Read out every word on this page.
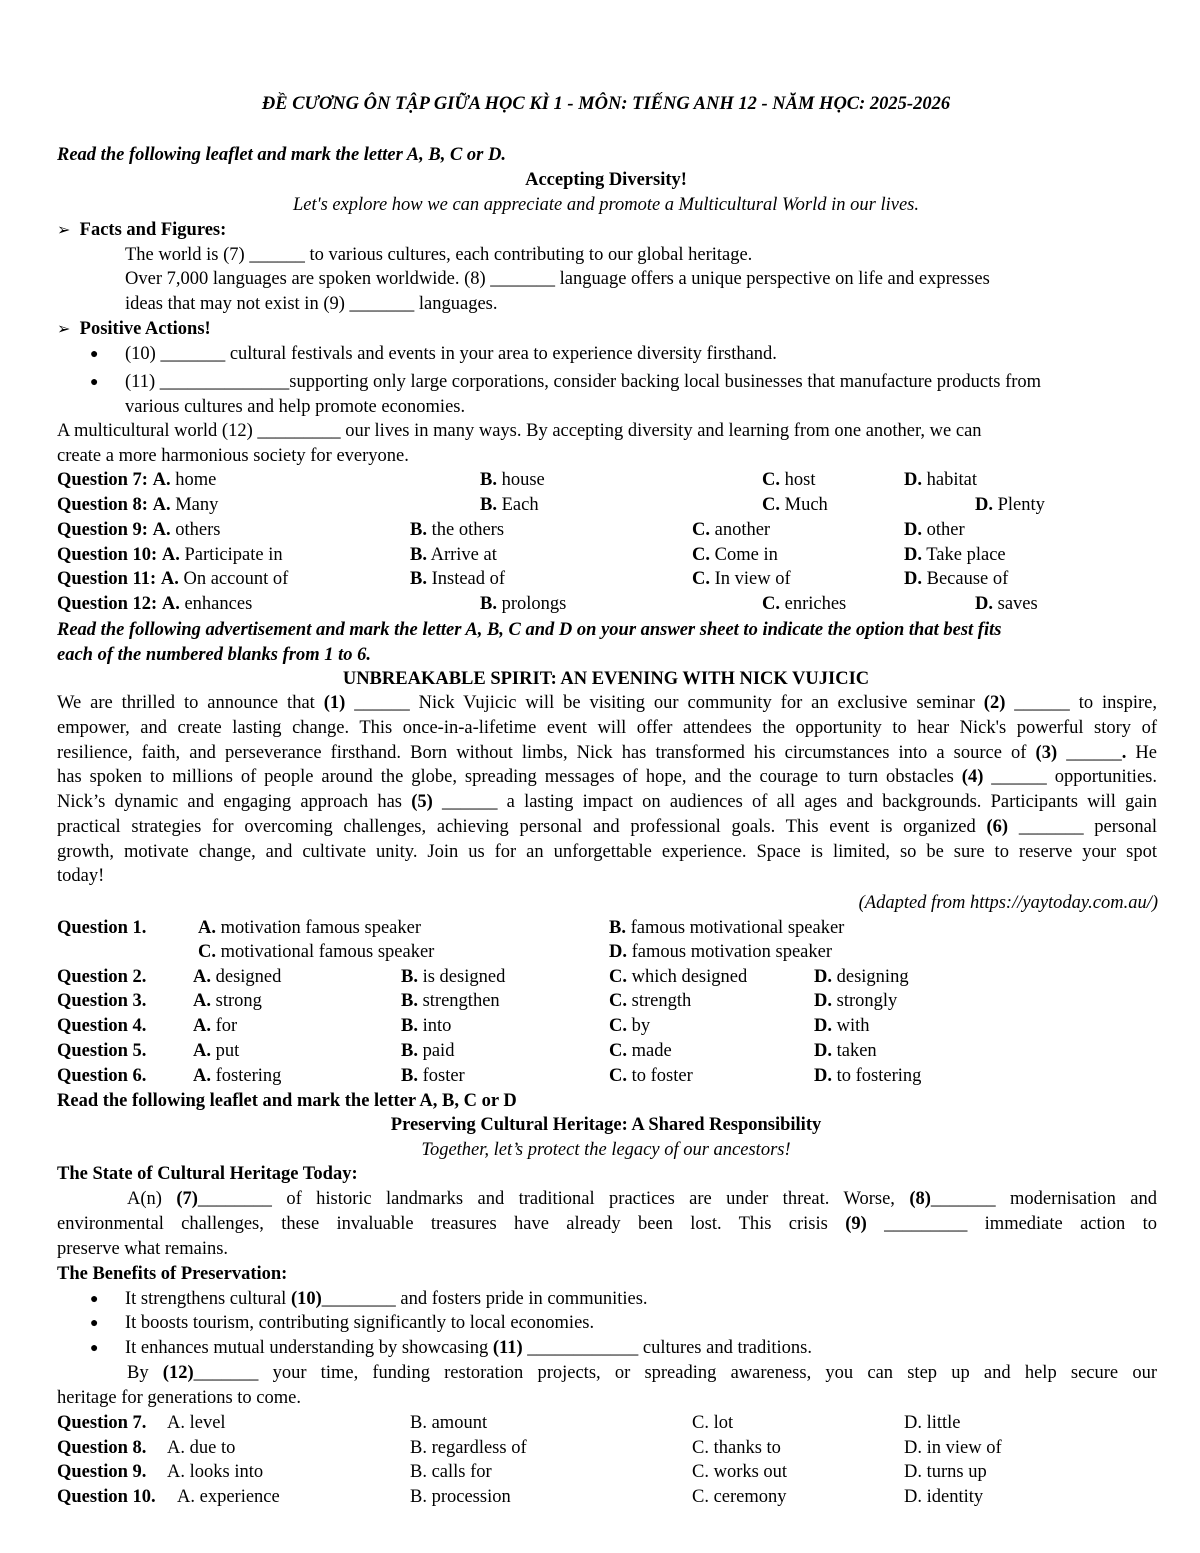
ĐỀ CƯƠNG ÔN TẬP GIỮA HỌC KÌ 1 - MÔN: TIẾNG ANH 12 - NĂM HỌC: 2025-2026
Read the following leaflet and mark the letter A, B, C or D.
Accepting Diversity!
Let's explore how we can appreciate and promote a Multicultural World in our lives.
➢ Facts and Figures:
The world is (7) ______ to various cultures, each contributing to our global heritage.
Over 7,000 languages are spoken worldwide. (8) _______ language offers a unique perspective on life and expresses
ideas that may not exist in (9) _______ languages.
➢ Positive Actions!
● (10) _______ cultural festivals and events in your area to experience diversity firsthand.
● (11) ______________supporting only large corporations, consider backing local businesses that manufacture products from
various cultures and help promote economies.
A multicultural world (12) _________ our lives in many ways. By accepting diversity and learning from one another, we can
create a more harmonious society for everyone.
Question 7: A. home	B. house	C. host	D. habitat
Question 8: A. Many	B. Each	C. Much	D. Plenty
Question 9: A. others	B. the others	C. another	D. other
Question 10: A. Participate in	B. Arrive at	C. Come in	D. Take place
Question 11: A. On account of	B. Instead of	C. In view of	D. Because of
Question 12: A. enhances	B. prolongs	C. enriches	D. saves
Read the following advertisement and mark the letter A, B, C and D on your answer sheet to indicate the option that best fits
each of the numbered blanks from 1 to 6.
UNBREAKABLE SPIRIT: AN EVENING WITH NICK VUJICIC
We are thrilled to announce that (1) ______ Nick Vujicic will be visiting our community for an exclusive seminar (2) ______ to inspire,
empower, and create lasting change. This once-in-a-lifetime event will offer attendees the opportunity to hear Nick's powerful story of
resilience, faith, and perseverance firsthand. Born without limbs, Nick has transformed his circumstances into a source of (3) ______. He
has spoken to millions of people around the globe, spreading messages of hope, and the courage to turn obstacles (4) ______ opportunities.
Nick’s dynamic and engaging approach has (5) ______ a lasting impact on audiences of all ages and backgrounds. Participants will gain
practical strategies for overcoming challenges, achieving personal and professional goals. This event is organized (6) _______ personal
growth, motivate change, and cultivate unity. Join us for an unforgettable experience. Space is limited, so be sure to reserve your spot
today!
(Adapted from https://yaytoday.com.au/)
Question 1.	A. motivation famous speaker	B. famous motivational speaker
C. motivational famous speaker	D. famous motivation speaker
Question 2.	A. designed	B. is designed	C. which designed	D. designing
Question 3.	A. strong	B. strengthen	C. strength	D. strongly
Question 4.	A. for	B. into	C. by	D. with
Question 5.	A. put	B. paid	C. made	D. taken
Question 6.	A. fostering	B. foster	C. to foster	D. to fostering
Read the following leaflet and mark the letter A, B, C or D
Preserving Cultural Heritage: A Shared Responsibility
Together, let’s protect the legacy of our ancestors!
The State of Cultural Heritage Today:
A(n) (7)________ of historic landmarks and traditional practices are under threat. Worse, (8)_______ modernisation and
environmental challenges, these invaluable treasures have already been lost. This crisis (9) _________ immediate action to
preserve what remains.
The Benefits of Preservation:
● It strengthens cultural (10)________ and fosters pride in communities.
● It boosts tourism, contributing significantly to local economies.
● It enhances mutual understanding by showcasing (11) ____________ cultures and traditions.
By (12)_______ your time, funding restoration projects, or spreading awareness, you can step up and help secure our
heritage for generations to come.
Question 7. A. level	B. amount	C. lot	D. little
Question 8. A. due to	B. regardless of	C. thanks to	D. in view of
Question 9. A. looks into	B. calls for	C. works out	D. turns up
Question 10. A. experience	B. procession	C. ceremony	D. identity
